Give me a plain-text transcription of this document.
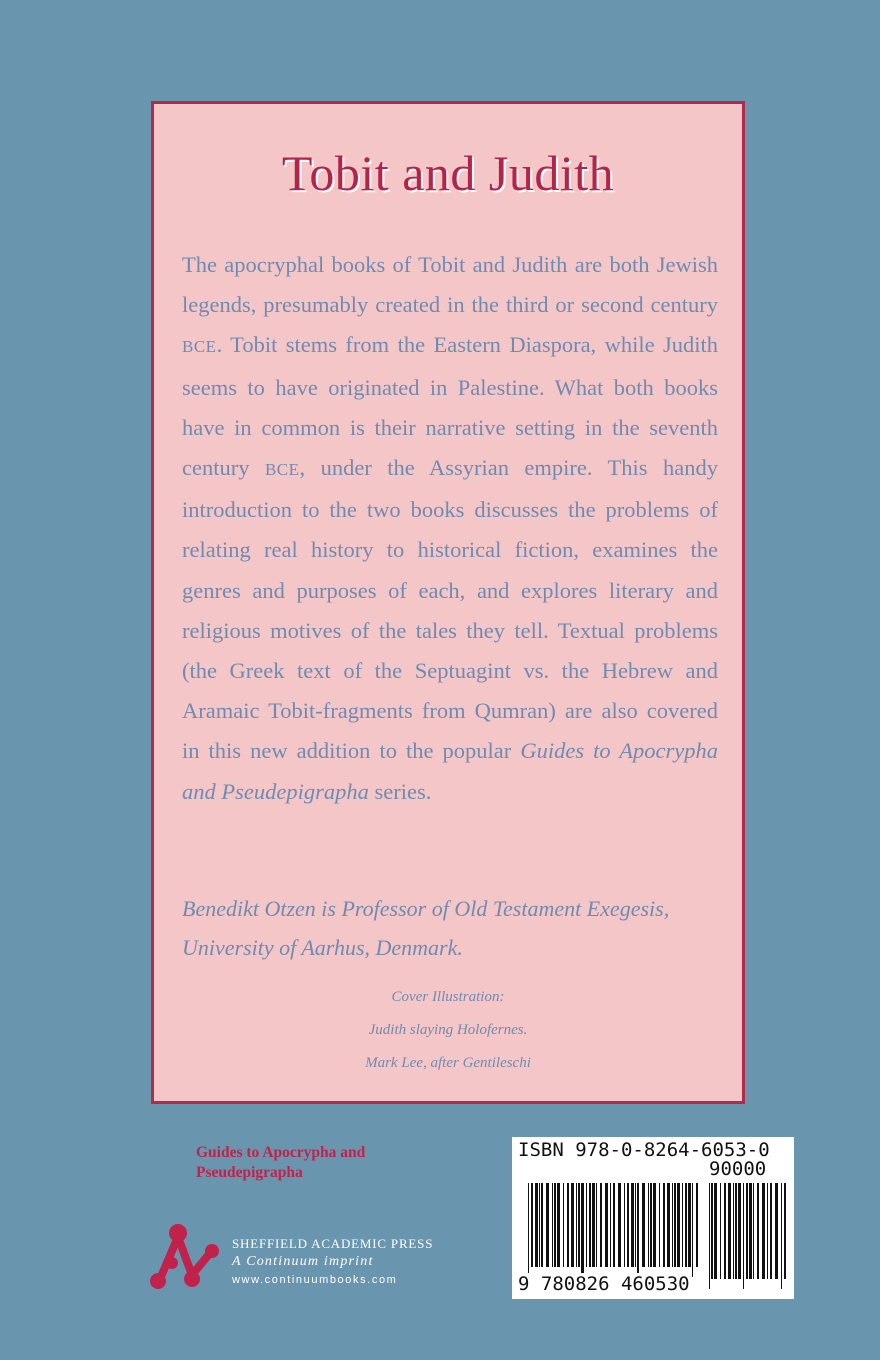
Tobit and Judith

The apocryphal books of Tobit and Judith are both Jewish legends, presumably created in the third or second century BCE. Tobit stems from the Eastern Diaspora, while Judith seems to have originated in Palestine. What both books have in common is their narrative setting in the seventh century BCE, under the Assyrian empire. This handy introduction to the two books discusses the problems of relating real history to historical fiction, examines the genres and purposes of each, and explores literary and religious motives of the tales they tell. Textual problems (the Greek text of the Septuagint vs. the Hebrew and Aramaic Tobit-fragments from Qumran) are also covered in this new addition to the popular Guides to Apocrypha and Pseudepigrapha series.

Benedikt Otzen is Professor of Old Testament Exegesis, University of Aarhus, Denmark.

Cover Illustration:
Judith slaying Holofernes.
Mark Lee, after Gentileschi
Guides to Apocrypha and
Pseudepigrapha
SHEFFIELD ACADEMIC PRESS
A Continuum imprint
www.continuumbooks.com
ISBN 978-0-8264-6053-0
90000
9 780826 460530
